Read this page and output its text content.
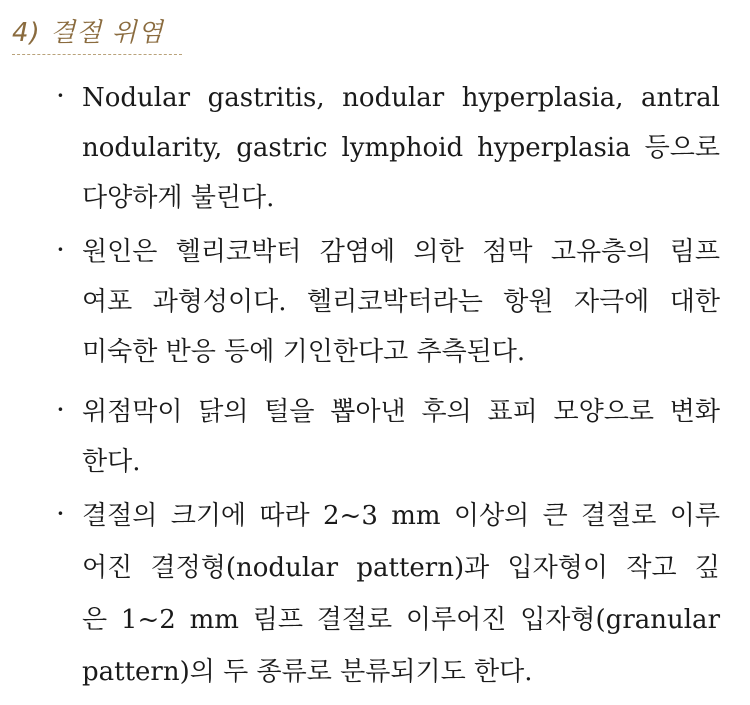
4) 결절 위염
· Nodular gastritis, nodular hyperplasia, antral
nodularity, gastric lymphoid hyperplasia 등으로
다양하게 불린다.
· 원인은 헬리코박터 감염에 의한 점막 고유층의 림프
여포 과형성이다. 헬리코박터라는 항원 자극에 대한
미숙한 반응 등에 기인한다고 추측된다.
· 위점막이 닭의 털을 뽑아낸 후의 표피 모양으로 변화
한다.
· 결절의 크기에 따라 2~3 mm 이상의 큰 결절로 이루
어진 결정형(nodular pattern)과 입자형이 작고 깊
은 1~2 mm 림프 결절로 이루어진 입자형(granular
pattern)의 두 종류로 분류되기도 한다.
